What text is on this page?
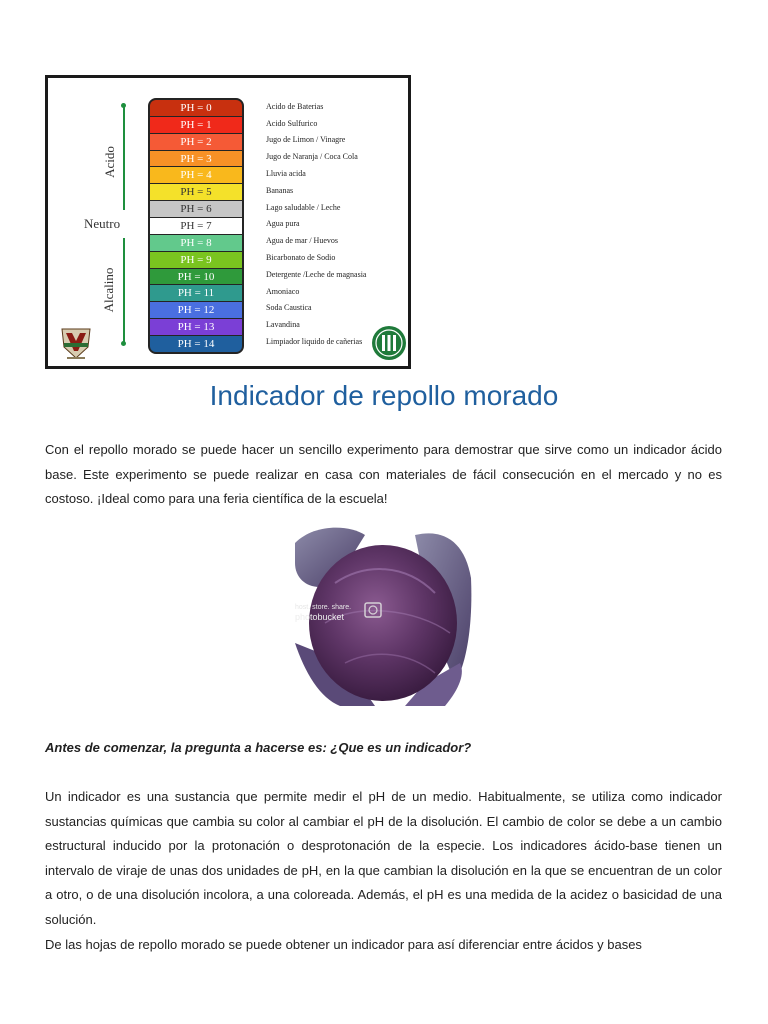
Acido
Neutro
Alcalino
PH = 0
PH = 1
PH = 2
PH = 3
PH = 4
PH = 5
PH = 6
PH = 7
PH = 8
PH = 9
PH = 10
PH = 11
PH = 12
PH = 13
PH = 14
Acido de Baterias
Acido Sulfurico
Jugo de Limon / Vinagre
Jugo de Naranja / Coca Cola
Lluvia acida
Bananas
Lago saludable / Leche
Agua pura
Agua de mar / Huevos
Bicarbonato de Sodio
Detergente /Leche de magnasia
Amoniaco
Soda Caustica
Lavandina
Limpiador liquido de cañerias
Indicador de repollo morado

Con el repollo morado se puede hacer un sencillo experimento para demostrar que sirve como un indicador ácido base. Este experimento se puede realizar en casa con materiales de fácil consecución en el mercado y no es costoso. ¡Ideal como para una feria científica de la escuela!

host. store. share.
photobucket

Antes de comenzar, la pregunta a hacerse es: ¿Que es un indicador?

Un indicador es una sustancia que permite medir el pH de un medio. Habitualmente, se utiliza como indicador sustancias químicas que cambia su color al cambiar el pH de la disolución. El cambio de color se debe a un cambio estructural inducido por la protonación o desprotonación de la especie. Los indicadores ácido-base tienen un intervalo de viraje de unas dos unidades de pH, en la que cambian la disolución en la que se encuentran de un color a otro, o de una disolución incolora, a una coloreada. Además, el pH es una medida de la acidez o basicidad de una solución.

De las hojas de repollo morado se puede obtener un indicador para así diferenciar entre ácidos y bases
